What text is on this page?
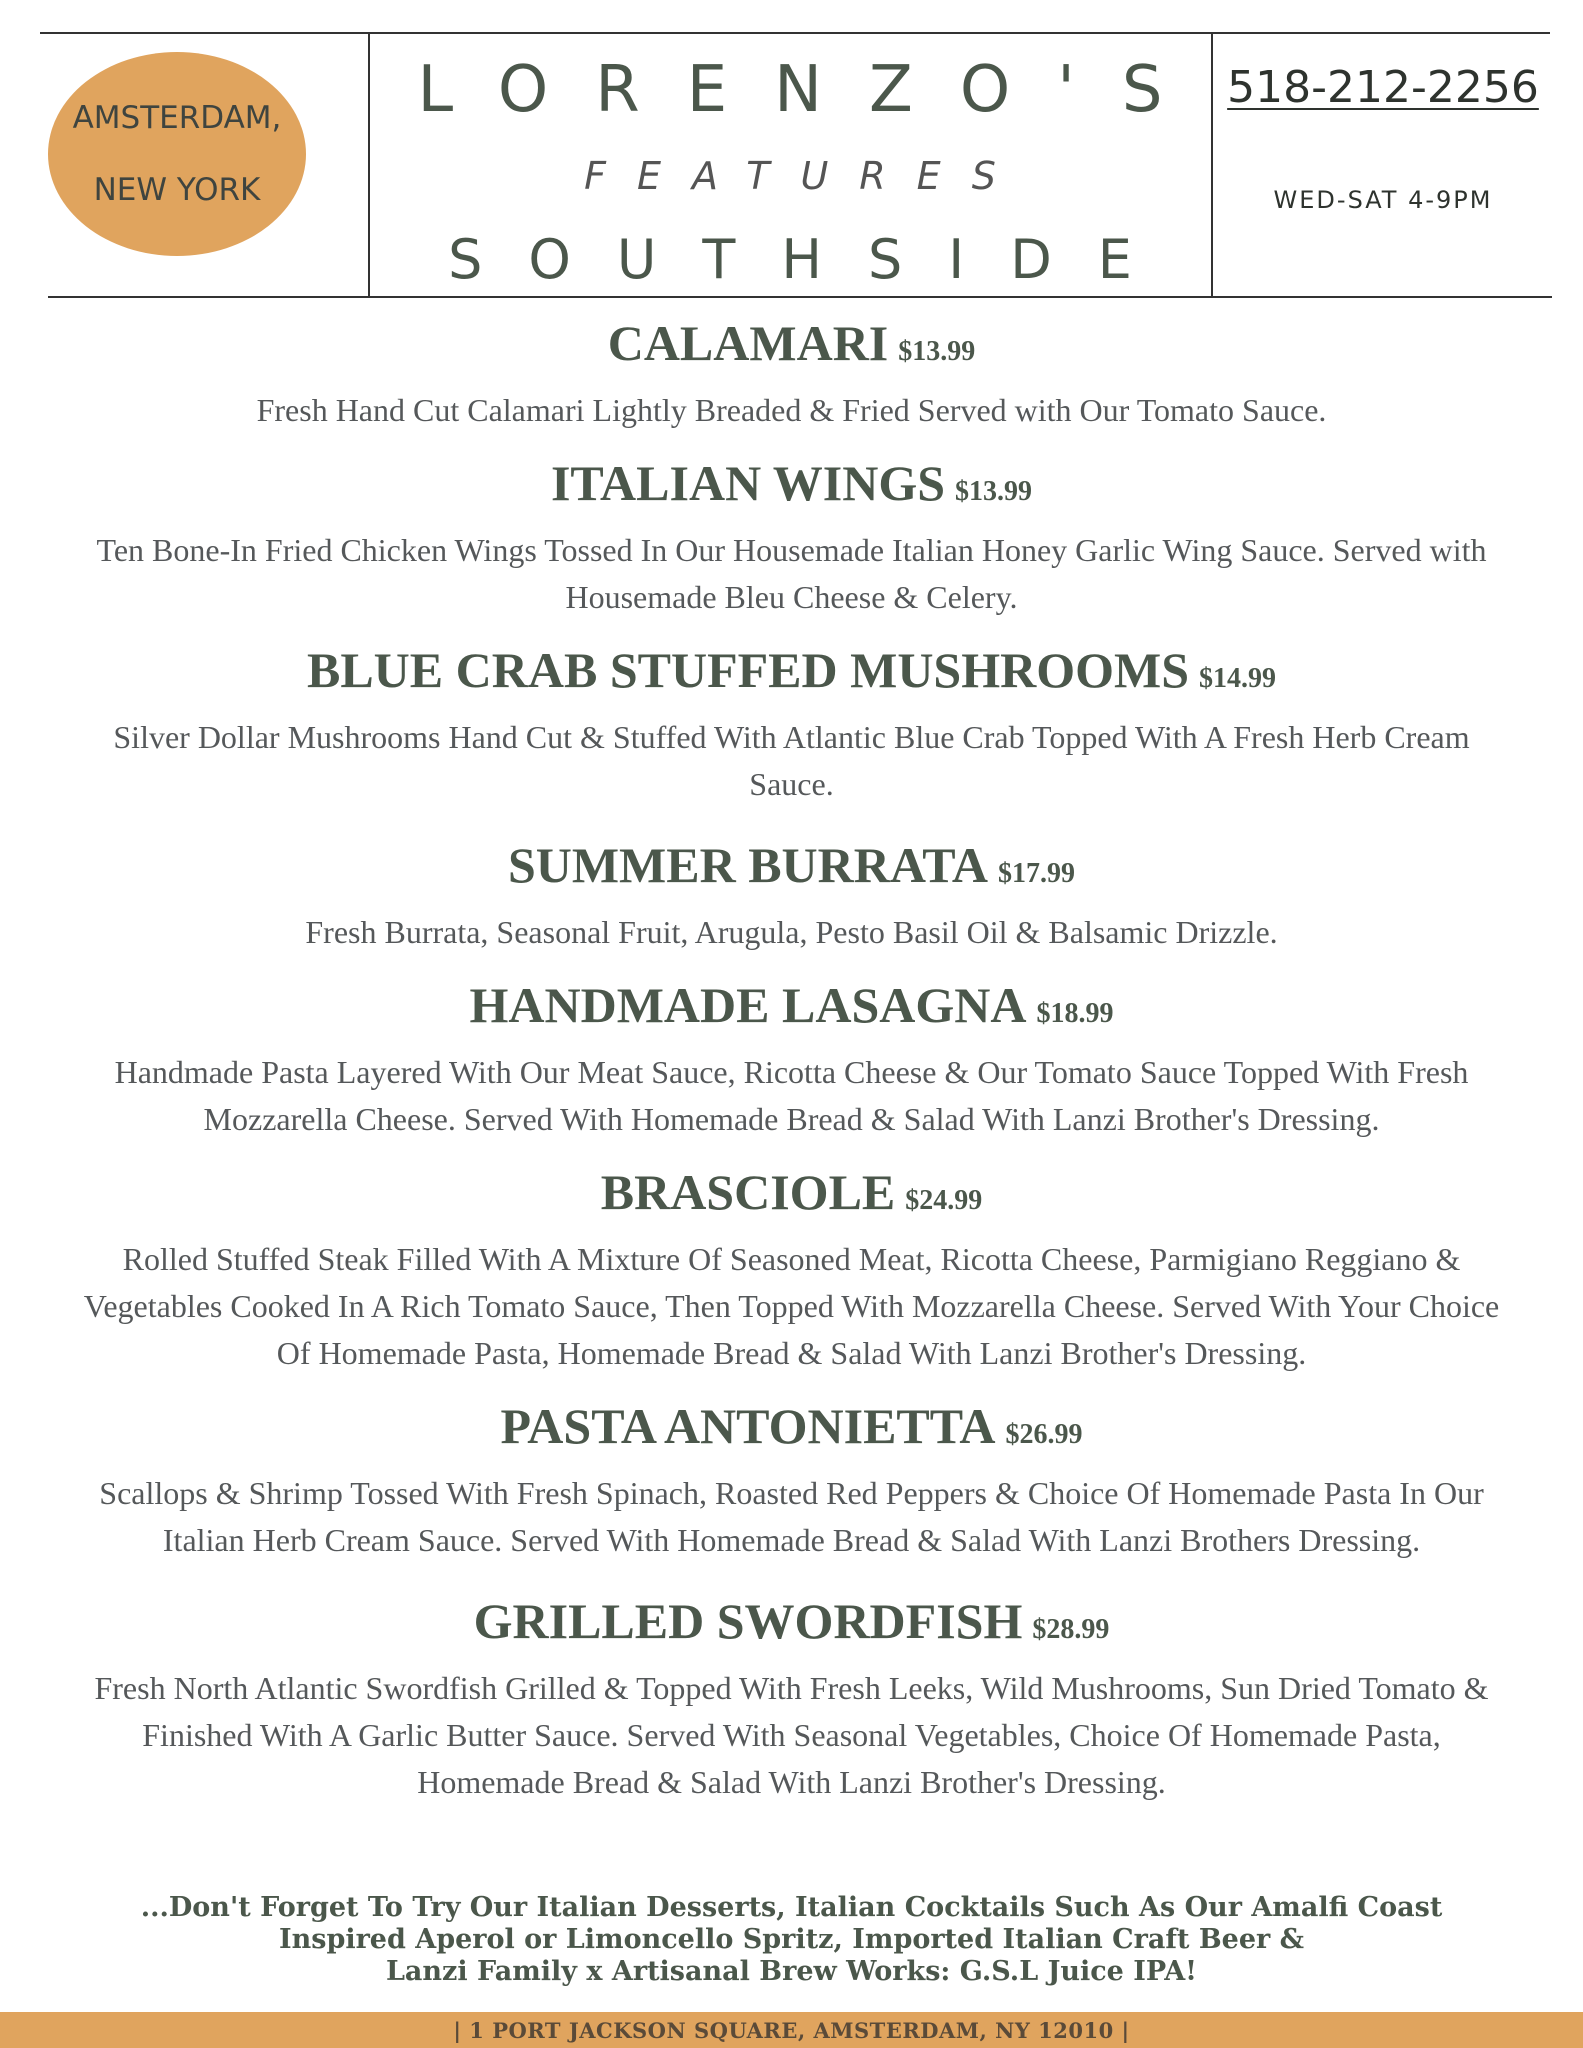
AMSTERDAM,
NEW YORK
LORENZO'S
FEATURES
SOUTHSIDE
518-212-2256
WED-SAT 4-9PM
CALAMARI $13.99
Fresh Hand Cut Calamari Lightly Breaded & Fried Served with Our Tomato Sauce.
ITALIAN WINGS $13.99
Ten Bone-In Fried Chicken Wings Tossed In Our Housemade Italian Honey Garlic Wing Sauce. Served with Housemade Bleu Cheese & Celery.
BLUE CRAB STUFFED MUSHROOMS $14.99
Silver Dollar Mushrooms Hand Cut & Stuffed With Atlantic Blue Crab Topped With A Fresh Herb Cream Sauce.
SUMMER BURRATA $17.99
Fresh Burrata, Seasonal Fruit, Arugula, Pesto Basil Oil & Balsamic Drizzle.
HANDMADE LASAGNA $18.99
Handmade Pasta Layered With Our Meat Sauce, Ricotta Cheese & Our Tomato Sauce Topped With Fresh Mozzarella Cheese. Served With Homemade Bread & Salad With Lanzi Brother's Dressing.
BRASCIOLE $24.99
Rolled Stuffed Steak Filled With A Mixture Of Seasoned Meat, Ricotta Cheese, Parmigiano Reggiano & Vegetables Cooked In A Rich Tomato Sauce, Then Topped With Mozzarella Cheese. Served With Your Choice Of Homemade Pasta, Homemade Bread & Salad With Lanzi Brother's Dressing.
PASTA ANTONIETTA $26.99
Scallops & Shrimp Tossed With Fresh Spinach, Roasted Red Peppers & Choice Of Homemade Pasta In Our Italian Herb Cream Sauce. Served With Homemade Bread & Salad With Lanzi Brothers Dressing.
GRILLED SWORDFISH $28.99
Fresh North Atlantic Swordfish Grilled & Topped With Fresh Leeks, Wild Mushrooms, Sun Dried Tomato & Finished With A Garlic Butter Sauce. Served With Seasonal Vegetables, Choice Of Homemade Pasta, Homemade Bread & Salad With Lanzi Brother's Dressing.
...Don't Forget To Try Our Italian Desserts, Italian Cocktails Such As Our Amalfi Coast
Inspired Aperol or Limoncello Spritz, Imported Italian Craft Beer &
Lanzi Family x Artisanal Brew Works: G.S.L Juice IPA!
| 1 PORT JACKSON SQUARE, AMSTERDAM, NY 12010 |
